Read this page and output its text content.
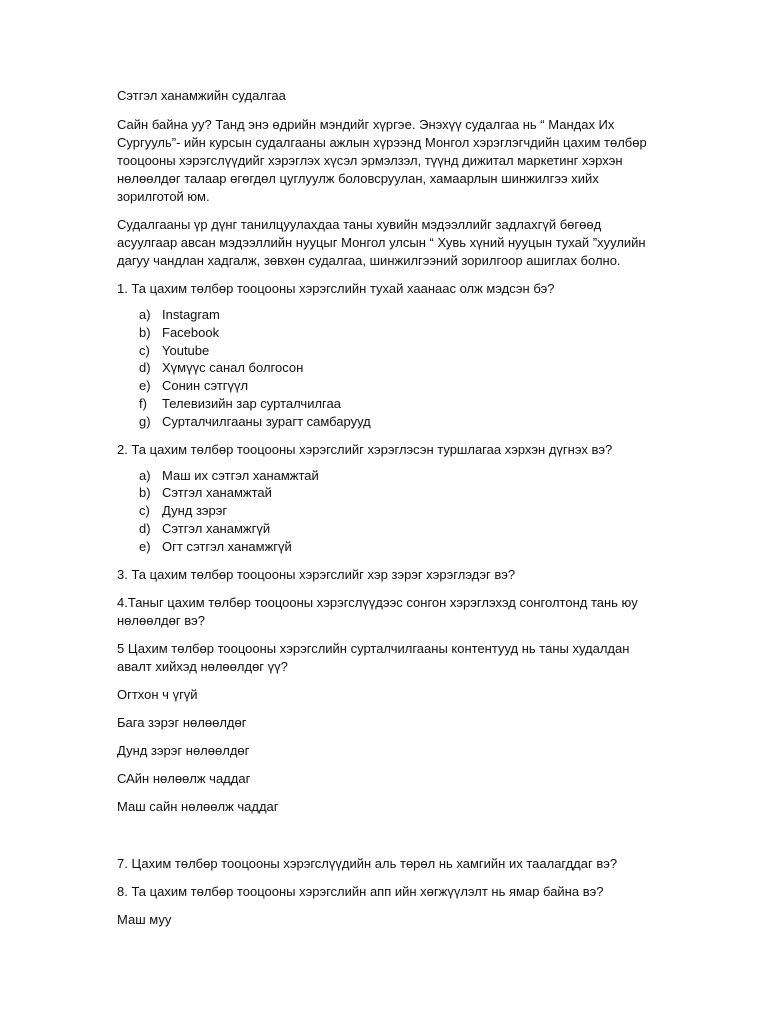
Сэтгэл ханамжийн судалгаа

Сайн байна уу? Танд энэ өдрийн мэндийг хүргэе. Энэхүү судалгаа нь “ Мандах Их Сургууль”- ийн курсын судалгааны ажлын хүрээнд Монгол хэрэглэгчдийн цахим төлбөр тооцооны хэрэгслүүдийг хэрэглэх хүсэл эрмэлзэл, түүнд дижитал маркетинг хэрхэн нөлөөлдөг талаар өгөгдөл цуглуулж боловсруулан, хамаарлын шинжилгээ хийх зорилготой юм.

Судалгааны үр дүнг танилцуулахдаа таны хувийн мэдээллийг задлахгүй бөгөөд асуулгаар авсан мэдээллийн нууцыг Монгол улсын “ Хувь хүний нууцын тухай ”хуулийн дагуу чандлан хадгалж, зөвхөн судалгаа, шинжилгээний зорилгоор ашиглах болно.

1. Та цахим төлбөр тооцооны хэрэгслийн тухай хаанаас олж мэдсэн бэ?

a) Instagram
b) Facebook
c) Youtube
d) Хүмүүс санал болгосон
e) Сонин сэтгүүл
f) Телевизийн зар сурталчилгаа
g) Сурталчилгааны зурагт самбарууд

2. Та цахим төлбөр тооцооны хэрэгслийг хэрэглэсэн туршлагаа хэрхэн дүгнэх вэ?

a) Маш их сэтгэл ханамжтай
b) Сэтгэл ханамжтай
c) Дунд зэрэг
d) Сэтгэл ханамжгүй
e) Огт сэтгэл ханамжгүй

3. Та цахим төлбөр тооцооны хэрэгслийг хэр зэрэг хэрэглэдэг вэ?

4.Таныг цахим төлбөр тооцооны хэрэгслүүдээс сонгон хэрэглэхэд сонголтонд тань юу нөлөөлдөг вэ?

5 Цахим төлбөр тооцооны хэрэгслийн сурталчилгааны контентууд нь таны худалдан авалт хийхэд нөлөөлдөг үү?

Огтхон ч үгүй

Бага зэрэг нөлөөлдөг

Дунд зэрэг нөлөөлдөг

САйн нөлөөлж чаддаг

Маш сайн нөлөөлж чаддаг

7. Цахим төлбөр тооцооны хэрэгслүүдийн аль төрөл нь хамгийн их таалагддаг вэ?

8. Та цахим төлбөр тооцооны хэрэгслийн апп ийн хөгжүүлэлт нь ямар байна вэ?

Маш муу
